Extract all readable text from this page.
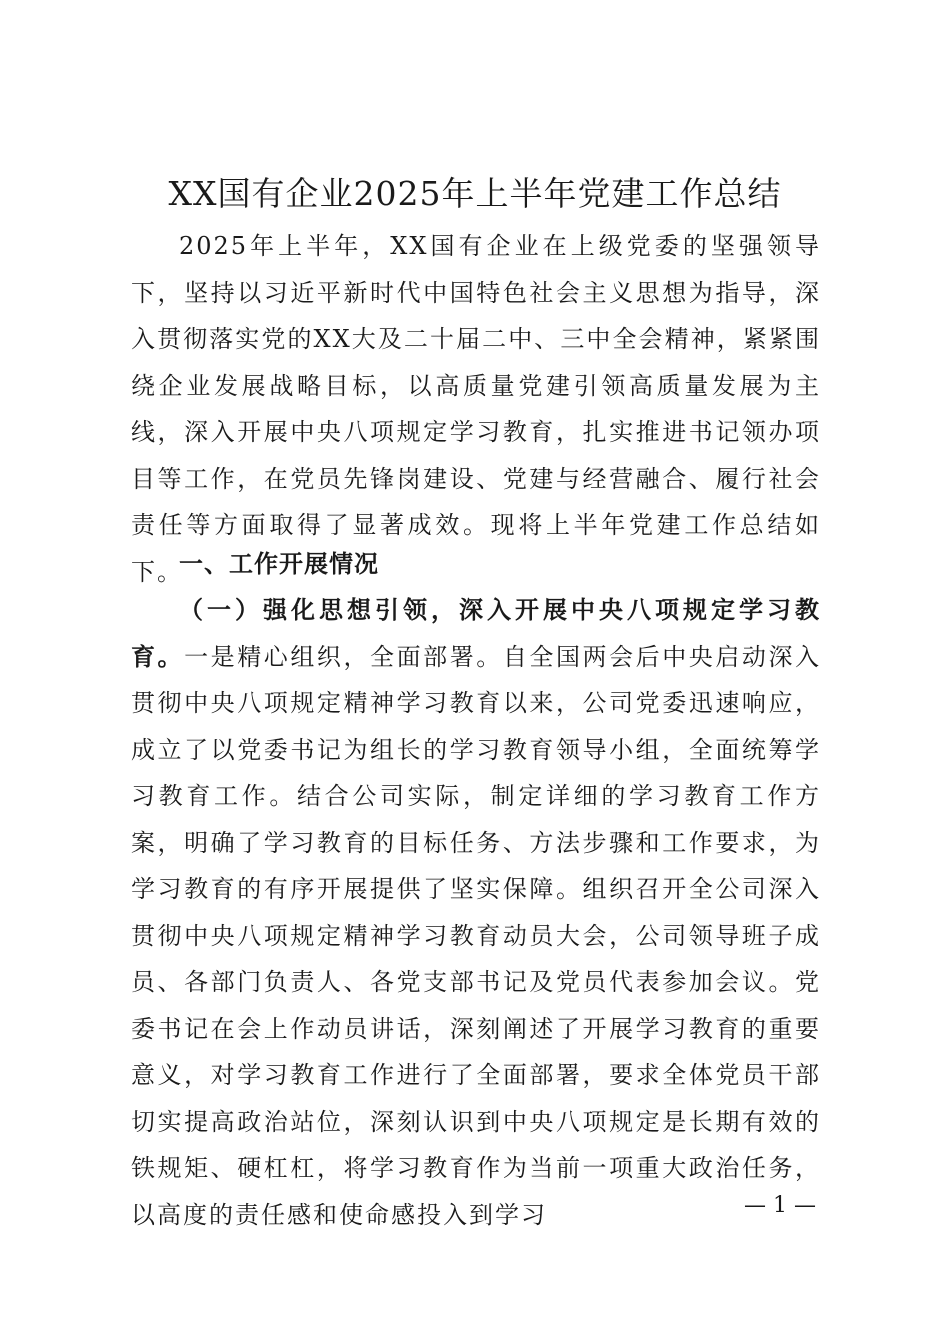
XX国有企业2025年上半年党建工作总结

2025年上半年，XX国有企业在上级党委的坚强领导下，坚持以习近平新时代中国特色社会主义思想为指导，深入贯彻落实党的XX大及二十届二中、三中全会精神，紧紧围绕企业发展战略目标，以高质量党建引领高质量发展为主线，深入开展中央八项规定学习教育，扎实推进书记领办项目等工作，在党员先锋岗建设、党建与经营融合、履行社会责任等方面取得了显著成效。现将上半年党建工作总结如下。

一、工作开展情况

（一）强化思想引领，深入开展中央八项规定学习教育。一是精心组织，全面部署。自全国两会后中央启动深入贯彻中央八项规定精神学习教育以来，公司党委迅速响应，成立了以党委书记为组长的学习教育领导小组，全面统筹学习教育工作。结合公司实际，制定详细的学习教育工作方案，明确了学习教育的目标任务、方法步骤和工作要求，为学习教育的有序开展提供了坚实保障。组织召开全公司深入贯彻中央八项规定精神学习教育动员大会，公司领导班子成员、各部门负责人、各党支部书记及党员代表参加会议。党委书记在会上作动员讲话，深刻阐述了开展学习教育的重要意义，对学习教育工作进行了全面部署，要求全体党员干部切实提高政治站位，深刻认识到中央八项规定是长期有效的铁规矩、硬杠杠，将学习教育作为当前一项重大政治任务，以高度的责任感和使命感投入到学习	— 1 —
